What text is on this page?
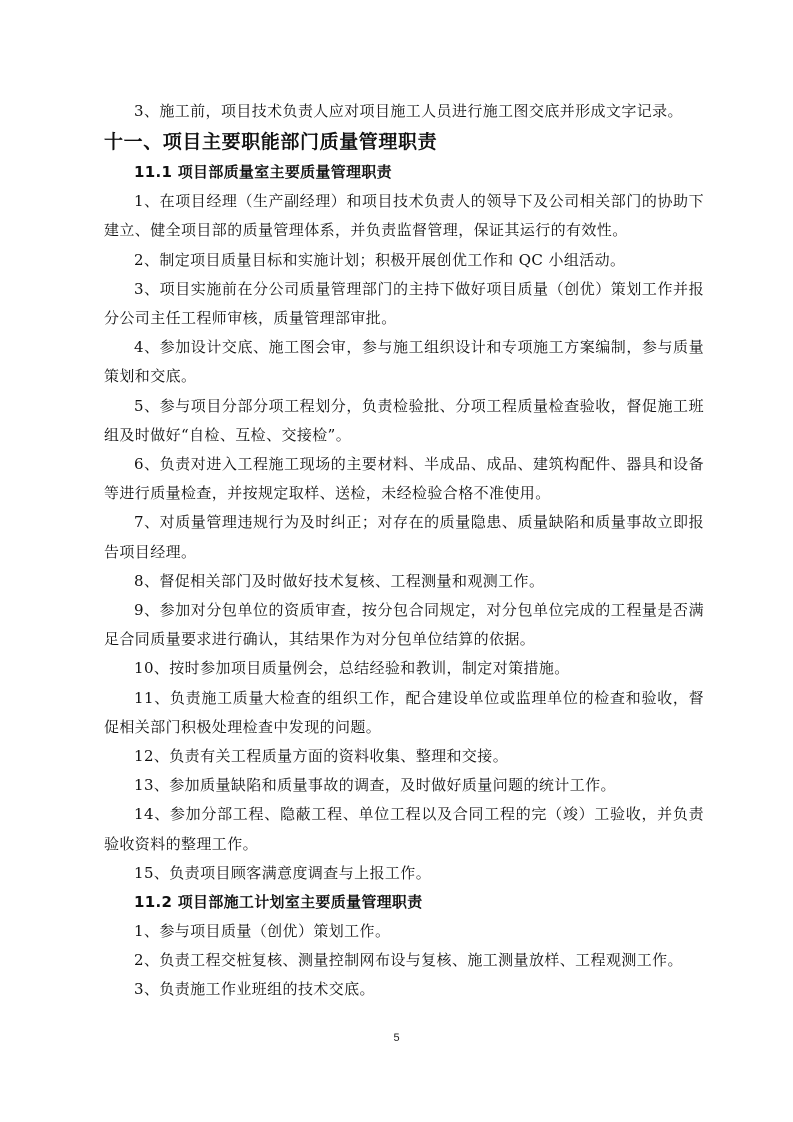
3、施工前，项目技术负责人应对项目施工人员进行施工图交底并形成文字记录。

十一、项目主要职能部门质量管理职责

11.1 项目部质量室主要质量管理职责

1、在项目经理（生产副经理）和项目技术负责人的领导下及公司相关部门的协助下建立、健全项目部的质量管理体系，并负责监督管理，保证其运行的有效性。

2、制定项目质量目标和实施计划；积极开展创优工作和 QC 小组活动。

3、项目实施前在分公司质量管理部门的主持下做好项目质量（创优）策划工作并报分公司主任工程师审核，质量管理部审批。

4、参加设计交底、施工图会审，参与施工组织设计和专项施工方案编制，参与质量策划和交底。

5、参与项目分部分项工程划分，负责检验批、分项工程质量检查验收，督促施工班组及时做好“自检、互检、交接检”。

6、负责对进入工程施工现场的主要材料、半成品、成品、建筑构配件、器具和设备等进行质量检查，并按规定取样、送检，未经检验合格不准使用。

7、对质量管理违规行为及时纠正；对存在的质量隐患、质量缺陷和质量事故立即报告项目经理。

8、督促相关部门及时做好技术复核、工程测量和观测工作。

9、参加对分包单位的资质审查，按分包合同规定，对分包单位完成的工程量是否满足合同质量要求进行确认，其结果作为对分包单位结算的依据。

10、按时参加项目质量例会，总结经验和教训，制定对策措施。

11、负责施工质量大检查的组织工作，配合建设单位或监理单位的检查和验收，督促相关部门积极处理检查中发现的问题。

12、负责有关工程质量方面的资料收集、整理和交接。

13、参加质量缺陷和质量事故的调查，及时做好质量问题的统计工作。

14、参加分部工程、隐蔽工程、单位工程以及合同工程的完（竣）工验收，并负责验收资料的整理工作。

15、负责项目顾客满意度调查与上报工作。

11.2 项目部施工计划室主要质量管理职责

1、参与项目质量（创优）策划工作。

2、负责工程交桩复核、测量控制网布设与复核、施工测量放样、工程观测工作。

3、负责施工作业班组的技术交底。

5
